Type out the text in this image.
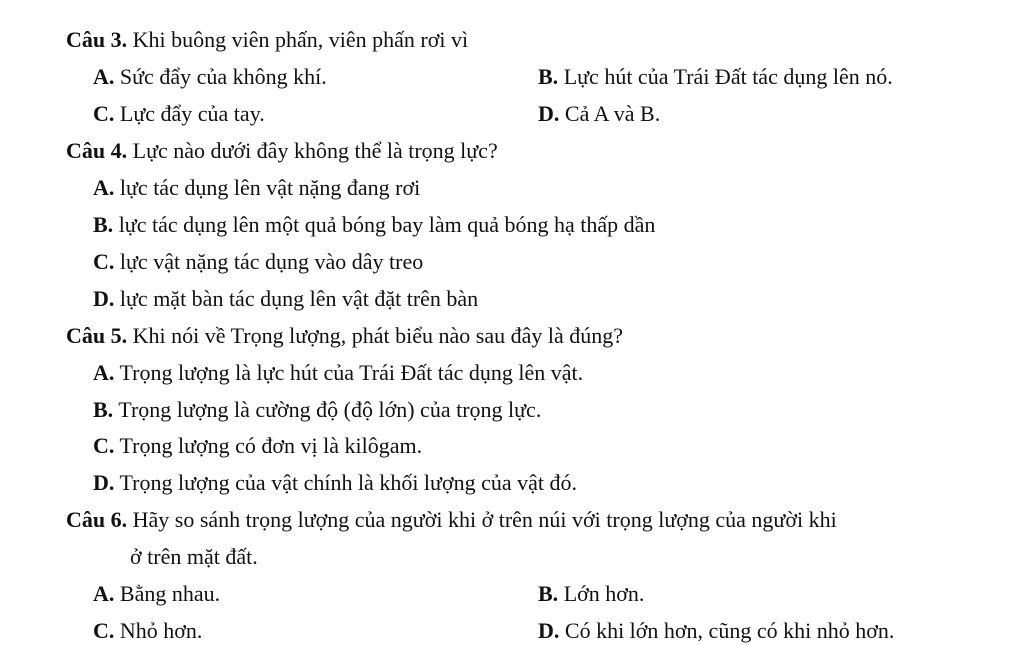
Câu 3. Khi buông viên phấn, viên phấn rơi vì
A. Sức đẩy của không khí.	B. Lực hút của Trái Đất tác dụng lên nó.
C. Lực đẩy của tay.	D. Cả A và B.
Câu 4. Lực nào dưới đây không thể là trọng lực?
A. lực tác dụng lên vật nặng đang rơi
B. lực tác dụng lên một quả bóng bay làm quả bóng hạ thấp dần
C. lực vật nặng tác dụng vào dây treo
D. lực mặt bàn tác dụng lên vật đặt trên bàn
Câu 5. Khi nói về Trọng lượng, phát biểu nào sau đây là đúng?
A. Trọng lượng là lực hút của Trái Đất tác dụng lên vật.
B. Trọng lượng là cường độ (độ lớn) của trọng lực.
C. Trọng lượng có đơn vị là kilôgam.
D. Trọng lượng của vật chính là khối lượng của vật đó.
Câu 6. Hãy so sánh trọng lượng của người khi ở trên núi với trọng lượng của người khi
ở trên mặt đất.
A. Bằng nhau.	B. Lớn hơn.
C. Nhỏ hơn.	D. Có khi lớn hơn, cũng có khi nhỏ hơn.
